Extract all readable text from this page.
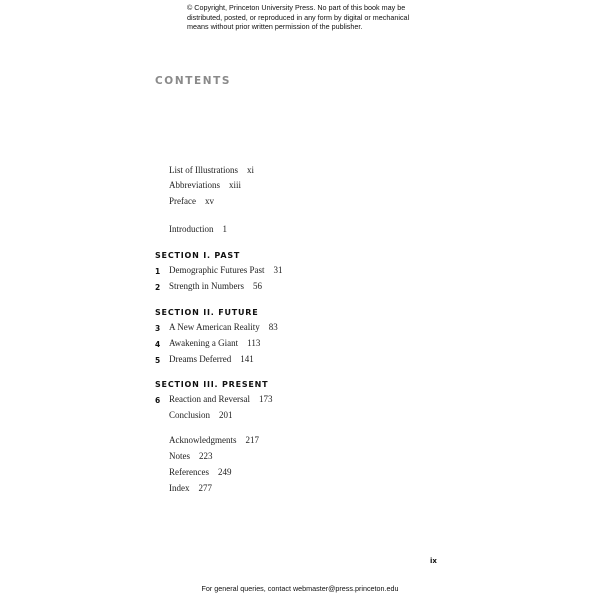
© Copyright, Princeton University Press. No part of this book may be distributed, posted, or reproduced in any form by digital or mechanical means without prior written permission of the publisher.
CONTENTS
List of Illustrations xi
Abbreviations xiii
Preface xv
Introduction 1
SECTION I. PAST
1 Demographic Futures Past 31
2 Strength in Numbers 56
SECTION II. FUTURE
3 A New American Reality 83
4 Awakening a Giant 113
5 Dreams Deferred 141
SECTION III. PRESENT
6 Reaction and Reversal 173
Conclusion 201
Acknowledgments 217
Notes 223
References 249
Index 277
ix
For general queries, contact webmaster@press.princeton.edu
